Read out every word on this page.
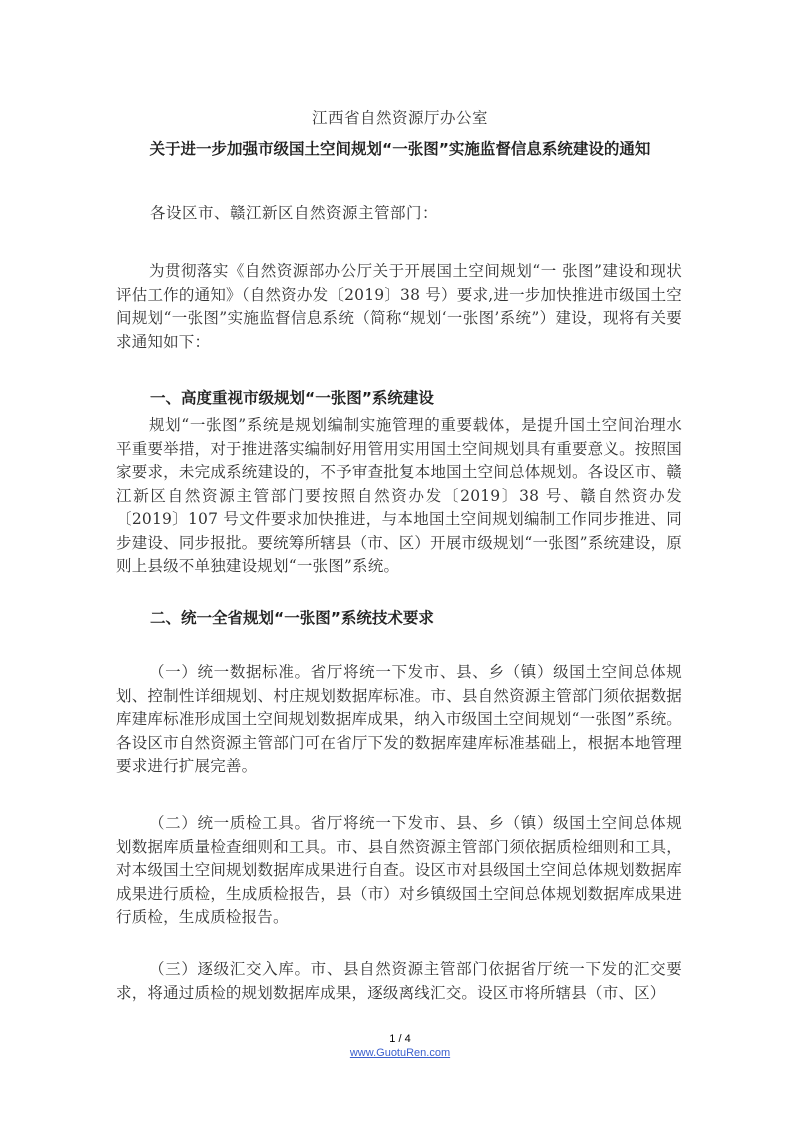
江西省自然资源厅办公室
关于进一步加强市级国土空间规划“一张图”实施监督信息系统建设的通知
各设区市、赣江新区自然资源主管部门：
为贯彻落实《自然资源部办公厅关于开展国土空间规划“一 张图”建设和现状评估工作的通知》（自然资办发〔2019〕38 号）要求,进一步加快推进市级国土空间规划“一张图”实施监督信息系统（简称“规划‘一张图’系统”）建设，现将有关要求通知如下：
一、高度重视市级规划“一张图”系统建设
规划“一张图”系统是规划编制实施管理的重要载体，是提升国土空间治理水平重要举措，对于推进落实编制好用管用实用国土空间规划具有重要意义。按照国家要求，未完成系统建设的，不予审查批复本地国土空间总体规划。各设区市、赣江新区自然资源主管部门要按照自然资办发〔2019〕38 号、赣自然资办发〔2019〕107 号文件要求加快推进，与本地国土空间规划编制工作同步推进、同步建设、同步报批。要统筹所辖县（市、区）开展市级规划“一张图”系统建设，原则上县级不单独建设规划“一张图”系统。
二、统一全省规划“一张图”系统技术要求
（一）统一数据标准。省厅将统一下发市、县、乡（镇）级国土空间总体规划、控制性详细规划、村庄规划数据库标准。市、县自然资源主管部门须依据数据库建库标准形成国土空间规划数据库成果，纳入市级国土空间规划“一张图”系统。各设区市自然资源主管部门可在省厅下发的数据库建库标准基础上，根据本地管理要求进行扩展完善。
（二）统一质检工具。省厅将统一下发市、县、乡（镇）级国土空间总体规划数据库质量检查细则和工具。市、县自然资源主管部门须依据质检细则和工具，对本级国土空间规划数据库成果进行自查。设区市对县级国土空间总体规划数据库成果进行质检，生成质检报告，县（市）对乡镇级国土空间总体规划数据库成果进行质检，生成质检报告。
（三）逐级汇交入库。市、县自然资源主管部门依据省厅统一下发的汇交要求，将通过质检的规划数据库成果，逐级离线汇交。设区市将所辖县（市、区）
1 / 4
www.GuotuRen.com
